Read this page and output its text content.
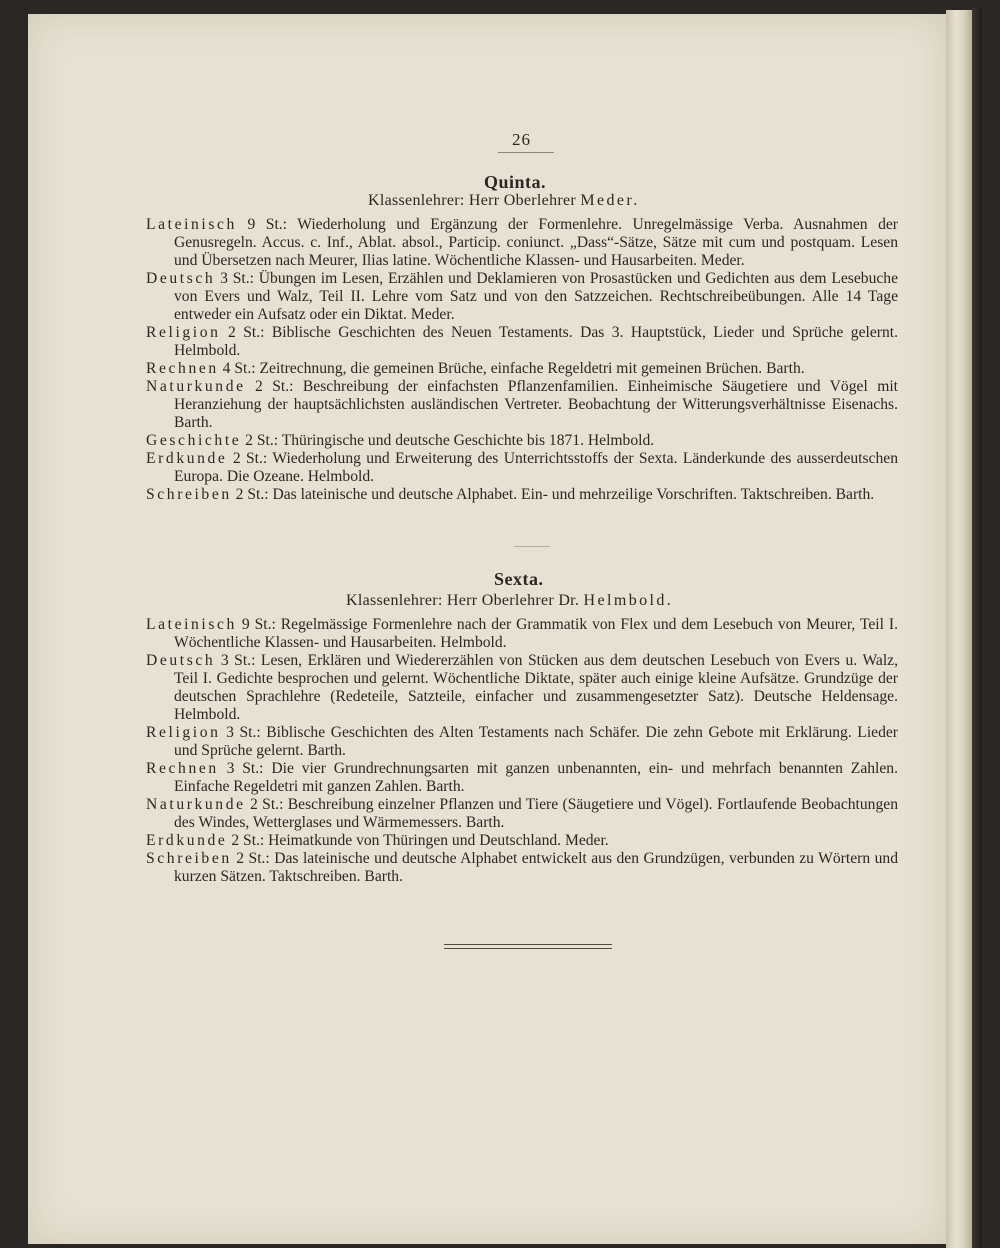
26
Quinta.
Klassenlehrer: Herr Oberlehrer Meder.

Lateinisch 9 St.: Wiederholung und Ergänzung der Formenlehre. Unregelmässige Verba. Ausnahmen der Genusregeln. Accus. c. Inf., Ablat. absol., Particip. coniunct. „Dass“-Sätze, Sätze mit cum und postquam. Lesen und Übersetzen nach Meurer, Ilias latine. Wöchentliche Klassen- und Hausarbeiten. Meder.

Deutsch 3 St.: Übungen im Lesen, Erzählen und Deklamieren von Prosastücken und Gedichten aus dem Lesebuche von Evers und Walz, Teil II. Lehre vom Satz und von den Satzzeichen. Rechtschreibeübungen. Alle 14 Tage entweder ein Aufsatz oder ein Diktat. Meder.

Religion 2 St.: Biblische Geschichten des Neuen Testaments. Das 3. Hauptstück, Lieder und Sprüche gelernt. Helmbold.

Rechnen 4 St.: Zeitrechnung, die gemeinen Brüche, einfache Regeldetri mit gemeinen Brüchen. Barth.

Naturkunde 2 St.: Beschreibung der einfachsten Pflanzenfamilien. Einheimische Säugetiere und Vögel mit Heranziehung der hauptsächlichsten ausländischen Vertreter. Beobachtung der Witterungsverhältnisse Eisenachs. Barth.

Geschichte 2 St.: Thüringische und deutsche Geschichte bis 1871. Helmbold.

Erdkunde 2 St.: Wiederholung und Erweiterung des Unterrichtsstoffs der Sexta. Länderkunde des ausserdeutschen Europa. Die Ozeane. Helmbold.

Schreiben 2 St.: Das lateinische und deutsche Alphabet. Ein- und mehrzeilige Vorschriften. Taktschreiben. Barth.

Sexta.
Klassenlehrer: Herr Oberlehrer Dr. Helmbold.

Lateinisch 9 St.: Regelmässige Formenlehre nach der Grammatik von Flex und dem Lesebuch von Meurer, Teil I. Wöchentliche Klassen- und Hausarbeiten. Helmbold.

Deutsch 3 St.: Lesen, Erklären und Wiedererzählen von Stücken aus dem deutschen Lesebuch von Evers u. Walz, Teil I. Gedichte besprochen und gelernt. Wöchentliche Diktate, später auch einige kleine Aufsätze. Grundzüge der deutschen Sprachlehre (Redeteile, Satzteile, einfacher und zusammengesetzter Satz). Deutsche Heldensage. Helmbold.

Religion 3 St.: Biblische Geschichten des Alten Testaments nach Schäfer. Die zehn Gebote mit Erklärung. Lieder und Sprüche gelernt. Barth.

Rechnen 3 St.: Die vier Grundrechnungsarten mit ganzen unbenannten, ein- und mehrfach benannten Zahlen. Einfache Regeldetri mit ganzen Zahlen. Barth.

Naturkunde 2 St.: Beschreibung einzelner Pflanzen und Tiere (Säugetiere und Vögel). Fortlaufende Beobachtungen des Windes, Wetterglases und Wärmemessers. Barth.

Erdkunde 2 St.: Heimatkunde von Thüringen und Deutschland. Meder.

Schreiben 2 St.: Das lateinische und deutsche Alphabet entwickelt aus den Grundzügen, verbunden zu Wörtern und kurzen Sätzen. Taktschreiben. Barth.
